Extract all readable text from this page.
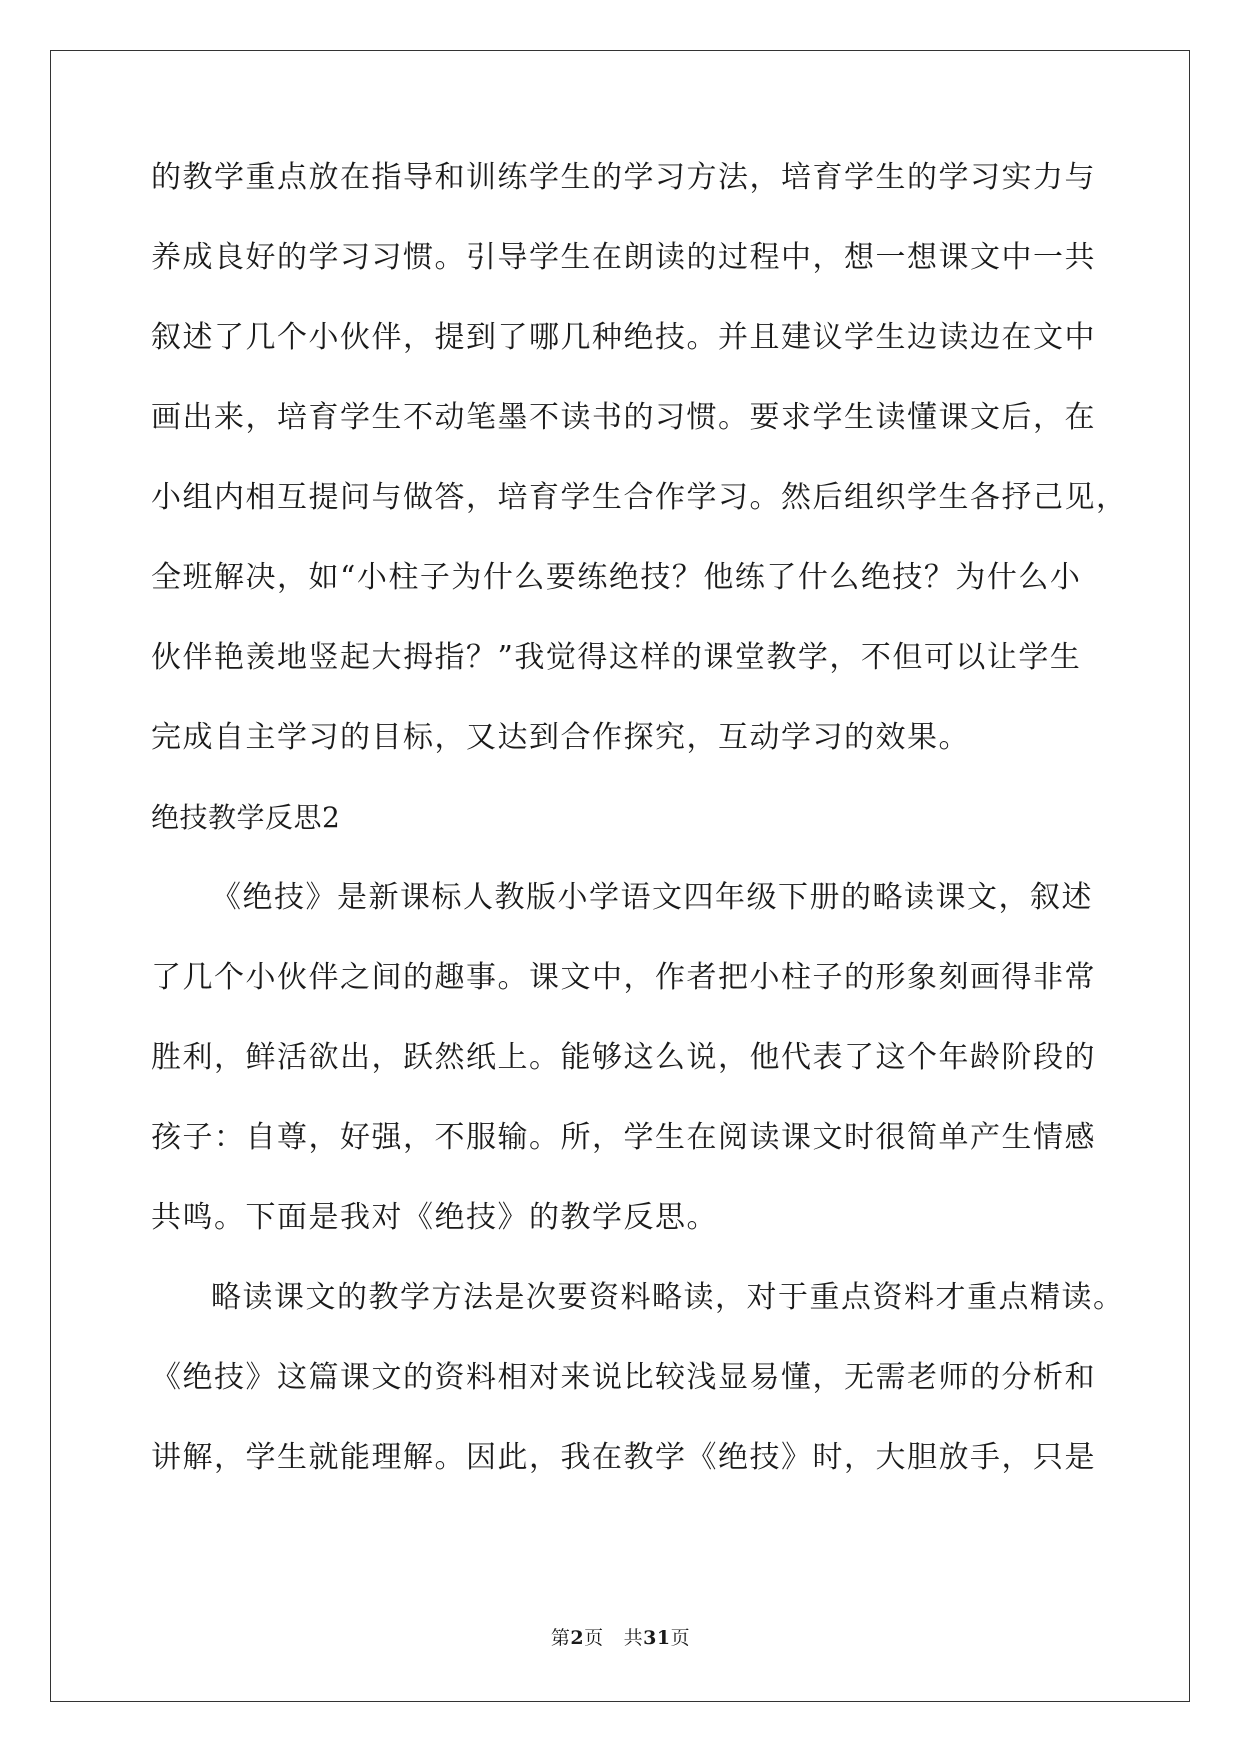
的教学重点放在指导和训练学生的学习方法，培育学生的学习实力与
养成良好的学习习惯。引导学生在朗读的过程中，想一想课文中一共
叙述了几个小伙伴，提到了哪几种绝技。并且建议学生边读边在文中
画出来，培育学生不动笔墨不读书的习惯。要求学生读懂课文后，在
小组内相互提问与做答，培育学生合作学习。然后组织学生各抒己见，
全班解决，如“小柱子为什么要练绝技？他练了什么绝技？为什么小
伙伴艳羡地竖起大拇指？”我觉得这样的课堂教学，不但可以让学生
完成自主学习的目标，又达到合作探究，互动学习的效果。
绝技教学反思2
《绝技》是新课标人教版小学语文四年级下册的略读课文，叙述
了几个小伙伴之间的趣事。课文中，作者把小柱子的形象刻画得非常
胜利，鲜活欲出，跃然纸上。能够这么说，他代表了这个年龄阶段的
孩子：自尊，好强，不服输。所，学生在阅读课文时很简单产生情感
共鸣。下面是我对《绝技》的教学反思。
略读课文的教学方法是次要资料略读，对于重点资料才重点精读。
《绝技》这篇课文的资料相对来说比较浅显易懂，无需老师的分析和
讲解，学生就能理解。因此，我在教学《绝技》时，大胆放手，只是
第2页 共31页
